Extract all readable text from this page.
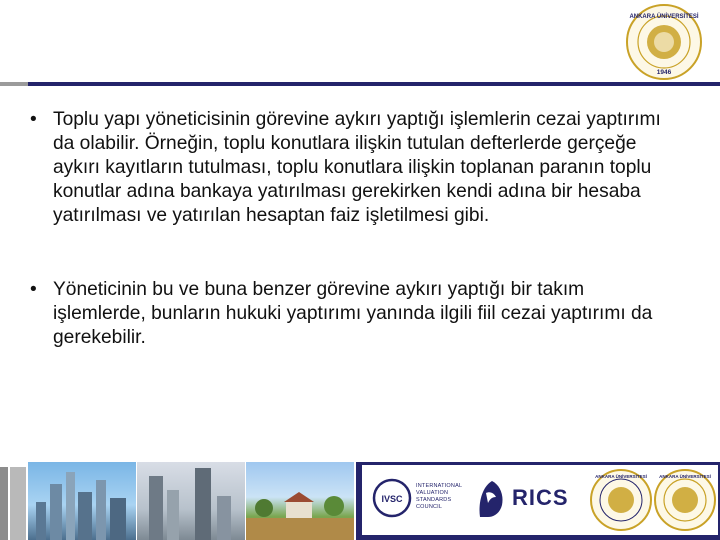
ANKARA ÜNİVERSİTESİ
1946
• Toplu yapı yöneticisinin görevine aykırı yaptığı işlemlerin cezai yaptırımı da olabilir. Örneğin, toplu konutlara ilişkin tutulan defterlerde gerçeğe aykırı kayıtların tutulması, toplu konutlara ilişkin toplanan paranın toplu konutlar adına bankaya yatırılması gerekirken kendi adına bir hesaba yatırılması ve yatırılan hesaptan faiz işletilmesi gibi.
• Yöneticinin bu ve buna benzer görevine aykırı yaptığı bir takım işlemlerde, bunların hukuki yaptırımı yanında ilgili fiil cezai yaptırımı da gerekebilir.
IVSC
INTERNATIONAL VALUATION STANDARDS COUNCIL	RICS
ANKARA ÜNİVERSİTESİ	ANKARA ÜNİVERSİTESİ
